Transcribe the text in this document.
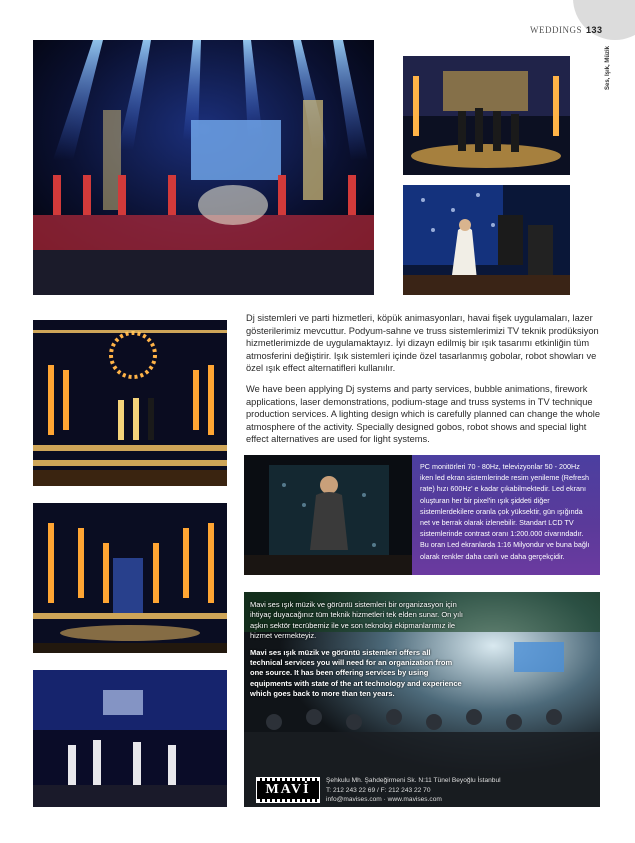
WEDDINGS 133
Ses, Işık, Müzik

Dj sistemleri ve parti hizmetleri, köpük animasyonları, havai fişek uygulamaları, lazer gösterilerimiz mevcuttur. Podyum-sahne ve truss sistemlerimizi TV teknik prodüksiyon hizmetlerimizde de uygulamaktayız. İyi dizayn edilmiş bir ışık tasarımı etkinliğin tüm atmosferini değiştirir. Işık sistemleri içinde özel tasarlanmış gobolar, robot showları ve özel ışık effect alternatifleri kullanılır.

We have been applying Dj systems and party services, bubble animations, firework applications, laser demonstrations, podium-stage and truss systems in TV technique production services. A lighting design which is carefully planned can change the whole atmosphere of the activity. Specially designed gobos, robot shows and special light effect alternatives are used for light systems.

PC monitörleri 70 - 80Hz, televizyonlar 50 - 200Hz iken led ekran sistemlerinde resim yenileme (Refresh rate) hızı 600Hz' e kadar çıkabilmektedir. Led ekranı oluşturan her bir pixel'in ışık şiddeti diğer sistemlerdekilere oranla çok yüksektir, gün ışığında net ve berrak olarak izlenebilir. Standart LCD TV sistemlerinde contrast oranı 1:200.000 civarındadır. Bu oran Led ekranlarda 1:16 Milyondur ve buna bağlı olarak renkler daha canlı ve daha gerçekçidir.

Mavi ses ışık müzik ve görüntü sistemleri bir organizasyon için ihtiyaç duyacağınız tüm teknik hizmetleri tek elden sunar. On yılı aşkın sektör tecrübemiz ile ve son teknoloji ekipmanlarımız ile hizmet vermekteyiz.

Mavi ses ışık müzik ve görüntü sistemleri offers all technical services you will need for an organization from one source. It has been offering services by using equipments with state of the art technology and experience which goes back to more than ten years.

MAVİ
Şehkulu Mh. Şahdeğirmeni Sk. N:11 Tünel Beyoğlu İstanbul
T: 212 243 22 69 / F: 212 243 22 70
info@mavises.com · www.mavises.com
